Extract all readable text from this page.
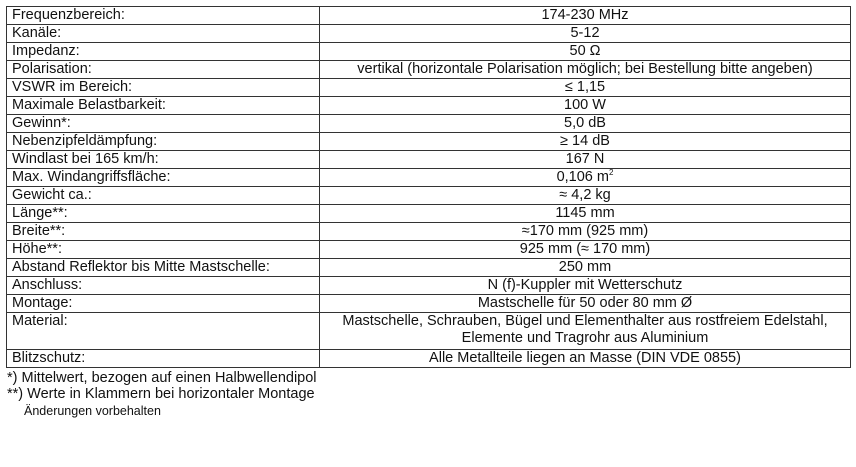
Frequenzbereich:	174-230 MHz
Kanäle:	5-12
Impedanz:	50 Ω
Polarisation:	vertikal (horizontale Polarisation möglich; bei Bestellung bitte angeben)
VSWR im Bereich:	≤ 1,15
Maximale Belastbarkeit:	100 W
Gewinn*:	5,0 dB
Nebenzipfeldämpfung:	≥ 14 dB
Windlast bei 165 km/h:	167 N
Max. Windangriffsfläche:	0,106 $m^2$
Gewicht ca.:	≈ 4,2 kg
Länge**:	1145 mm
Breite**:	≈170 mm (925 mm)
Höhe**:	925 mm (≈ 170 mm)
Abstand Reflektor bis Mitte Mastschelle:	250 mm
Anschluss:	N (f)-Kuppler mit Wetterschutz
Montage:	Mastschelle für 50 oder 80 mm Ø
Material:	Mastschelle, Schrauben, Bügel und Elementhalter aus rostfreiem Edelstahl,
Elemente und Tragrohr aus Aluminium

Blitzschutz:	Alle Metallteile liegen an Masse (DIN VDE 0855)
*) Mittelwert, bezogen auf einen Halbwellendipol
**) Werte in Klammern bei horizontaler Montage
Änderungen vorbehalten
